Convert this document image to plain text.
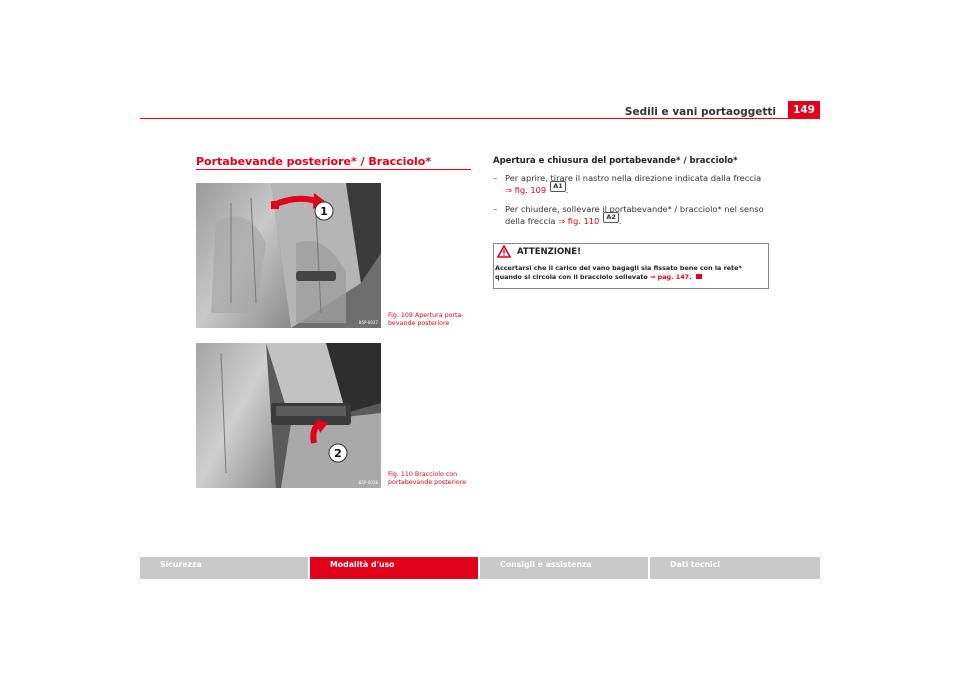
Sedili e vani portaoggetti	149
Portabevande posteriore* / Bracciolo*
1
B5P-0037
Fig. 109 Apertura porta-
bevande posteriore
2
B5P-0038
Fig. 110 Bracciolo con
portabevande posteriore
Apertura e chiusura del portabevande* / bracciolo*
– Per aprire, tirare il nastro nella direzione indicata dalla freccia
⇒ fig. 109 A1 .
– Per chiudere, sollevare il portabevande* / bracciolo* nel senso
della freccia ⇒ fig. 110 A2 .
ATTENZIONE!
Accertarsi che il carico del vano bagagli sia fissato bene con la rete*
quando si circola con il bracciolo sollevato ⇒ pag. 147.
Sicurezza	Modalità d'uso	Consigli e assistenza	Dati tecnici
